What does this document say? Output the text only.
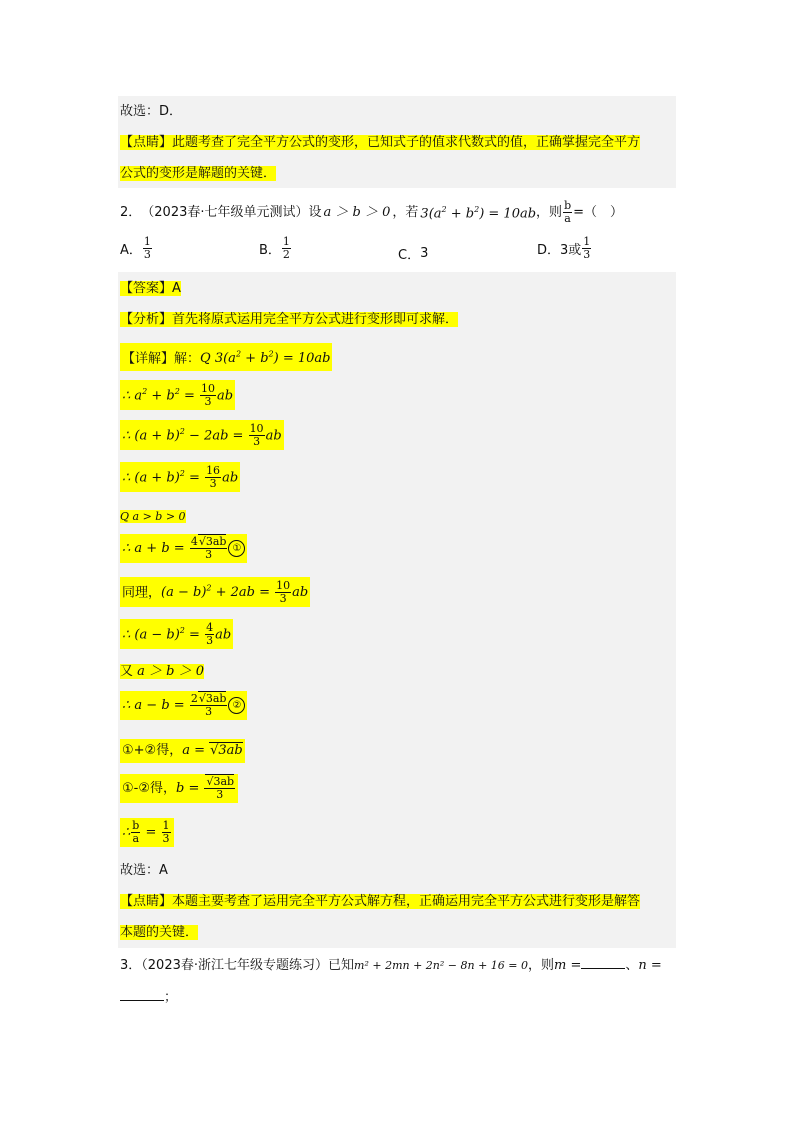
故选：D．
【点睛】此题考查了完全平方公式的变形，已知式子的值求代数式的值，正确掌握完全平方
公式的变形是解题的关键．
2． （2023春·七年级单元测试） 设 a ＞ b ＞ 0 ，若 $3(a^2 + b^2) = 10ab$ ，则 $\frac{b}{a}$ =（　）
A． $\frac{1}{3}$	B． $\frac{1}{2}$	C． 3	D． 3或 $\frac{1}{3}$
【答案】A
【分析】首先将原式运用完全平方公式进行变形即可求解．
【详解】解：Q $3(a^2 + b^2) = 10ab$
∴ $a^2 + b^2 = \frac{10}{3}$ ab
∴ $(a + b)^2 - 2ab = \frac{10}{3}$ ab
∴ $(a + b)^2 = \frac{16}{3}$ ab
Q a > b > 0
∴ $a + b = \frac{4√3ab}{3}$ ①
同理，$(a - b)^2 + 2ab = \frac{10}{3}$ ab
∴ $(a - b)^2 = \frac{4}{3}$ ab
又 a ＞ b ＞ 0
∴ $a - b = \frac{2√3ab}{3}$ ②
①+②得，a = √3ab
①-②得，$b = \frac{√3ab}{3}$
∴ $\frac{b}{a} = \frac{1}{3}$
故选：A
【点睛】本题主要考查了运用完全平方公式解方程，正确运用完全平方公式进行变形是解答
本题的关键．
3．（2023春·浙江七年级专题练习）已知m² + 2mn + 2n² − 8n + 16 = 0，则m =	、n =
；
